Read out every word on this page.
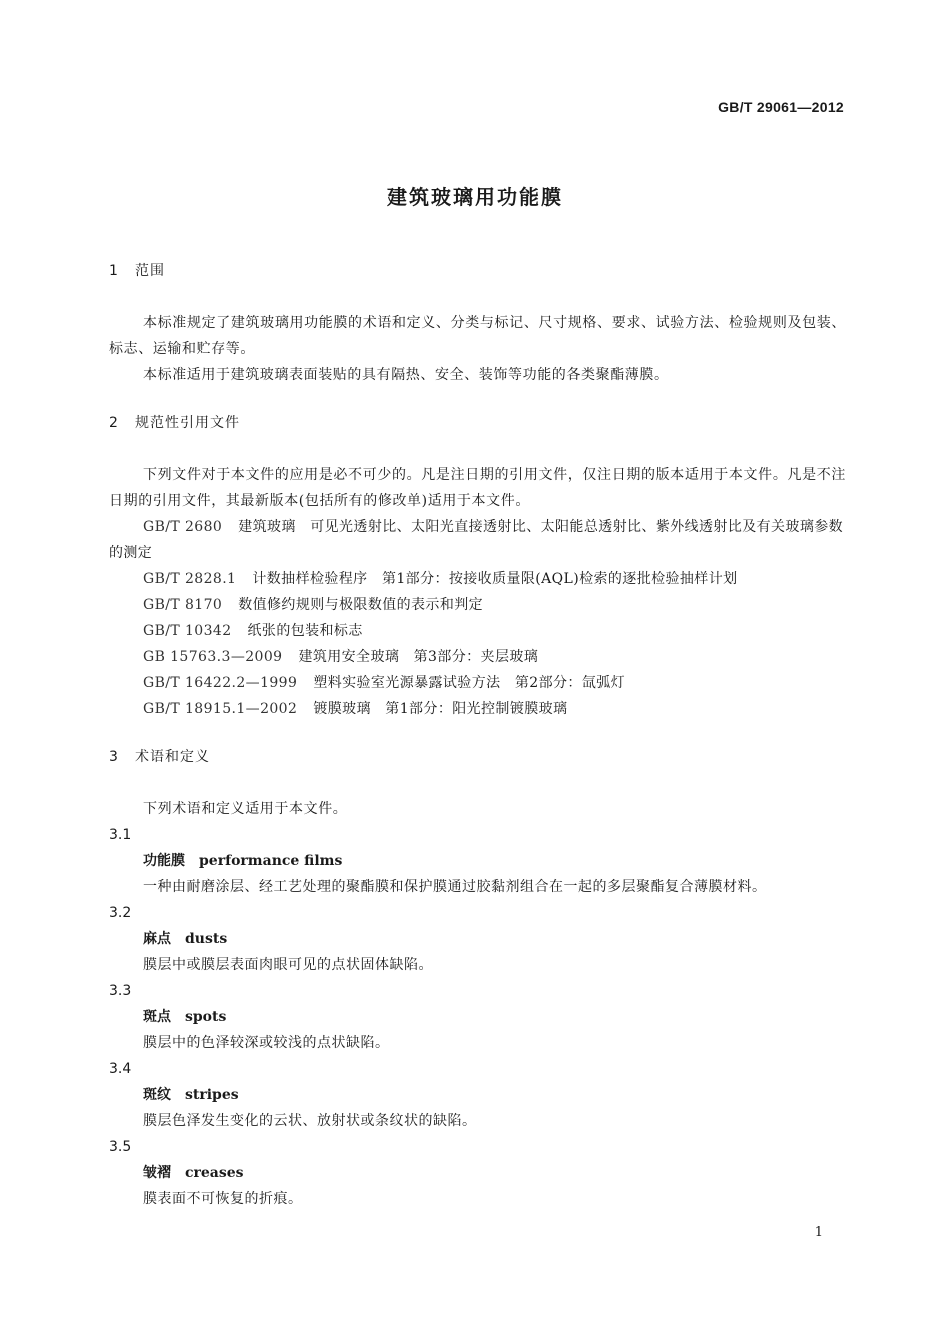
GB/T 29061—2012
建筑玻璃用功能膜
1	范围

本标准规定了建筑玻璃用功能膜的术语和定义、分类与标记、尺寸规格、要求、试验方法、检验规则及包装、标志、运输和贮存等。

本标准适用于建筑玻璃表面装贴的具有隔热、安全、装饰等功能的各类聚酯薄膜。

2	规范性引用文件

下列文件对于本文件的应用是必不可少的。凡是注日期的引用文件，仅注日期的版本适用于本文件。凡是不注日期的引用文件，其最新版本(包括所有的修改单)适用于本文件。

GB/T 2680 建筑玻璃　可见光透射比、太阳光直接透射比、太阳能总透射比、紫外线透射比及有关玻璃参数的测定

GB/T 2828.1 计数抽样检验程序　第1部分：按接收质量限(AQL)检索的逐批检验抽样计划

GB/T 8170 数值修约规则与极限数值的表示和判定

GB/T 10342 纸张的包装和标志

GB 15763.3—2009 建筑用安全玻璃　第3部分：夹层玻璃

GB/T 16422.2—1999 塑料实验室光源暴露试验方法　第2部分：氙弧灯

GB/T 18915.1—2002 镀膜玻璃　第1部分：阳光控制镀膜玻璃

3	术语和定义

下列术语和定义适用于本文件。

3.1

功能膜 performance films

一种由耐磨涂层、经工艺处理的聚酯膜和保护膜通过胶黏剂组合在一起的多层聚酯复合薄膜材料。

3.2

麻点 dusts

膜层中或膜层表面肉眼可见的点状固体缺陷。

3.3

斑点 spots

膜层中的色泽较深或较浅的点状缺陷。

3.4

斑纹 stripes

膜层色泽发生变化的云状、放射状或条纹状的缺陷。

3.5

皱褶 creases

膜表面不可恢复的折痕。

1
